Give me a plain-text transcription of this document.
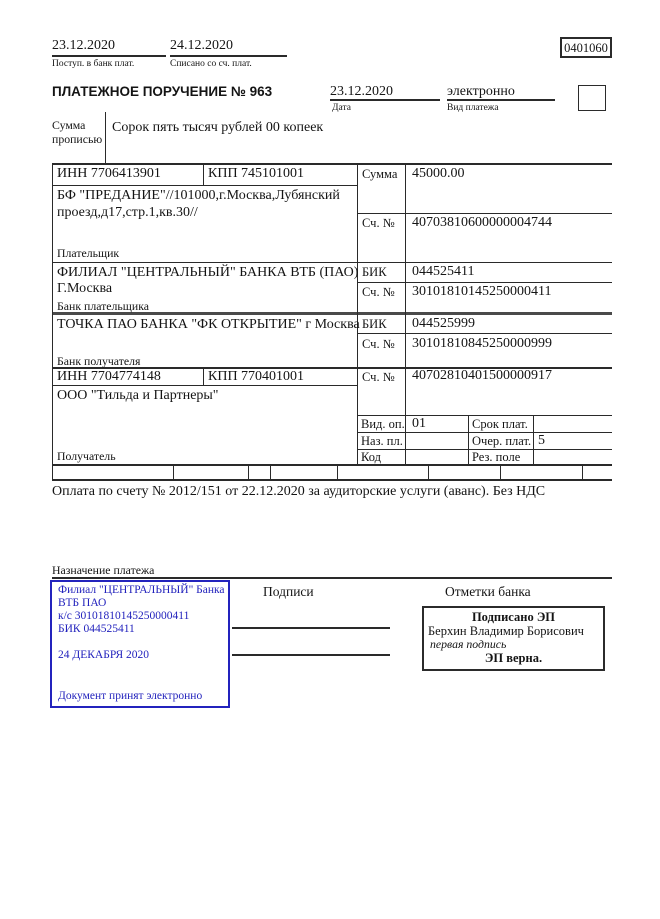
23.12.2020
Поступ. в банк плат.
24.12.2020
Списано со сч. плат.
0401060
ПЛАТЕЖНОЕ ПОРУЧЕНИЕ № 963	23.12.2020
Дата
электронно
Вид платежа
Сумма прописью
Сорок пять тысяч рублей 00 копеек
ИНН 7706413901	КПП 745101001
БФ "ПРЕДАНИЕ"//101000,г.Москва,Лубянский
проезд,д17,стр.1,кв.30//
Плательщик
Сумма 45000.00
Сч. № 40703810600000004744
ФИЛИАЛ "ЦЕНТРАЛЬНЫЙ" БАНКА ВТБ (ПАО)
Г.Москва
Банк плательщика
БИК 044525411
Сч. № 30101810145250000411
ТОЧКА ПАО БАНКА "ФК ОТКРЫТИЕ" г Москва
Банк получателя
БИК 044525999
Сч. № 30101810845250000999
ИНН 7704774148	КПП 770401001	Сч. № 40702810401500000917
ООО "Тильда и Партнеры"
Получатель
Вид. оп. 01	Срок плат.
Наз. пл.	Очер. плат. 5
Код	Рез. поле
Оплата по счету № 2012/151 от 22.12.2020 за аудиторские услуги (аванс). Без НДС
Назначение платежа
Филиал "ЦЕНТРАЛЬНЫЙ" Банка
ВТБ ПАО
к/с 30101810145250000411
БИК 044525411
24 ДЕКАБРЯ 2020
Документ принят электронно
Подписи	Отметки банка
Подписано ЭП
Берхин Владимир Борисович
первая подпись
ЭП верна.
